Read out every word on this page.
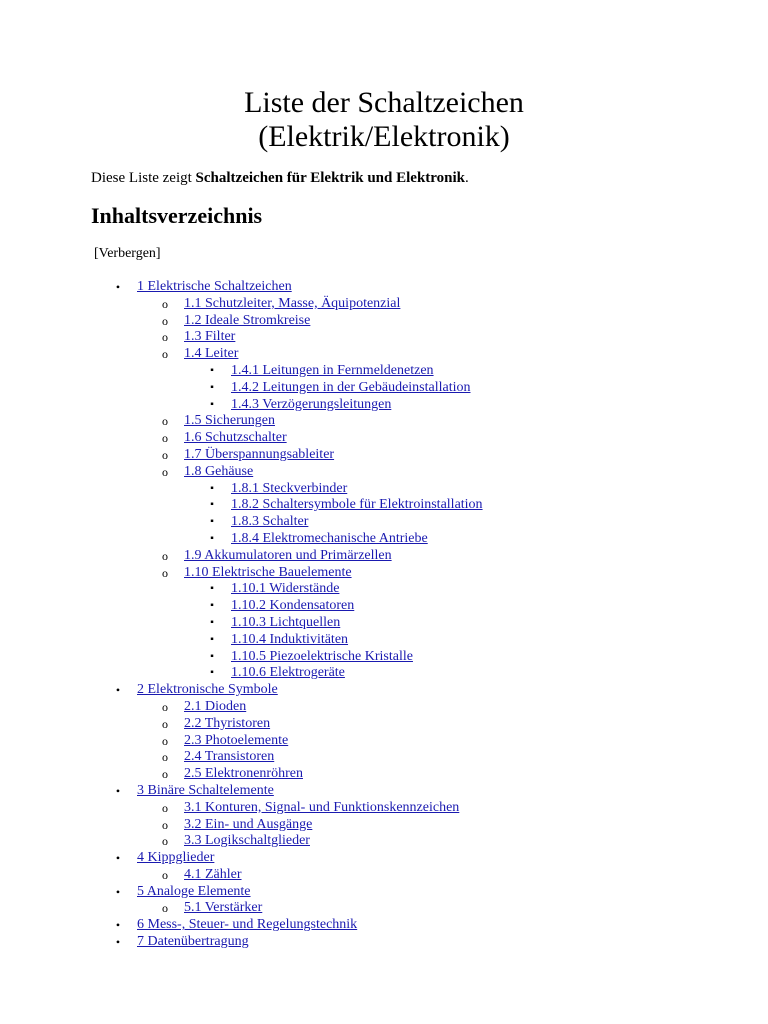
Liste der Schaltzeichen
(Elektrik/Elektronik)

Diese Liste zeigt Schaltzeichen für Elektrik und Elektronik.

Inhaltsverzeichnis

[Verbergen]

• 1 Elektrische Schaltzeichen
o 1.1 Schutzleiter, Masse, Äquipotenzial
o 1.2 Ideale Stromkreise
o 1.3 Filter
o 1.4 Leiter
▪	1.4.1 Leitungen in Fernmeldenetzen
▪	1.4.2 Leitungen in der Gebäudeinstallation
▪	1.4.3 Verzögerungsleitungen
o 1.5 Sicherungen
o 1.6 Schutzschalter
o 1.7 Überspannungsableiter
o 1.8 Gehäuse
▪	1.8.1 Steckverbinder
▪	1.8.2 Schaltersymbole für Elektroinstallation
▪	1.8.3 Schalter
▪	1.8.4 Elektromechanische Antriebe
o 1.9 Akkumulatoren und Primärzellen
o 1.10 Elektrische Bauelemente
▪	1.10.1 Widerstände
▪	1.10.2 Kondensatoren
▪	1.10.3 Lichtquellen
▪	1.10.4 Induktivitäten
▪	1.10.5 Piezoelektrische Kristalle
▪	1.10.6 Elektrogeräte
• 2 Elektronische Symbole
o 2.1 Dioden
o 2.2 Thyristoren
o 2.3 Photoelemente
o 2.4 Transistoren
o 2.5 Elektronenröhren
• 3 Binäre Schaltelemente
o 3.1 Konturen, Signal- und Funktionskennzeichen
o 3.2 Ein- und Ausgänge
o 3.3 Logikschaltglieder
• 4 Kippglieder
o 4.1 Zähler
• 5 Analoge Elemente
o 5.1 Verstärker
• 6 Mess-, Steuer- und Regelungstechnik
• 7 Datenübertragung
